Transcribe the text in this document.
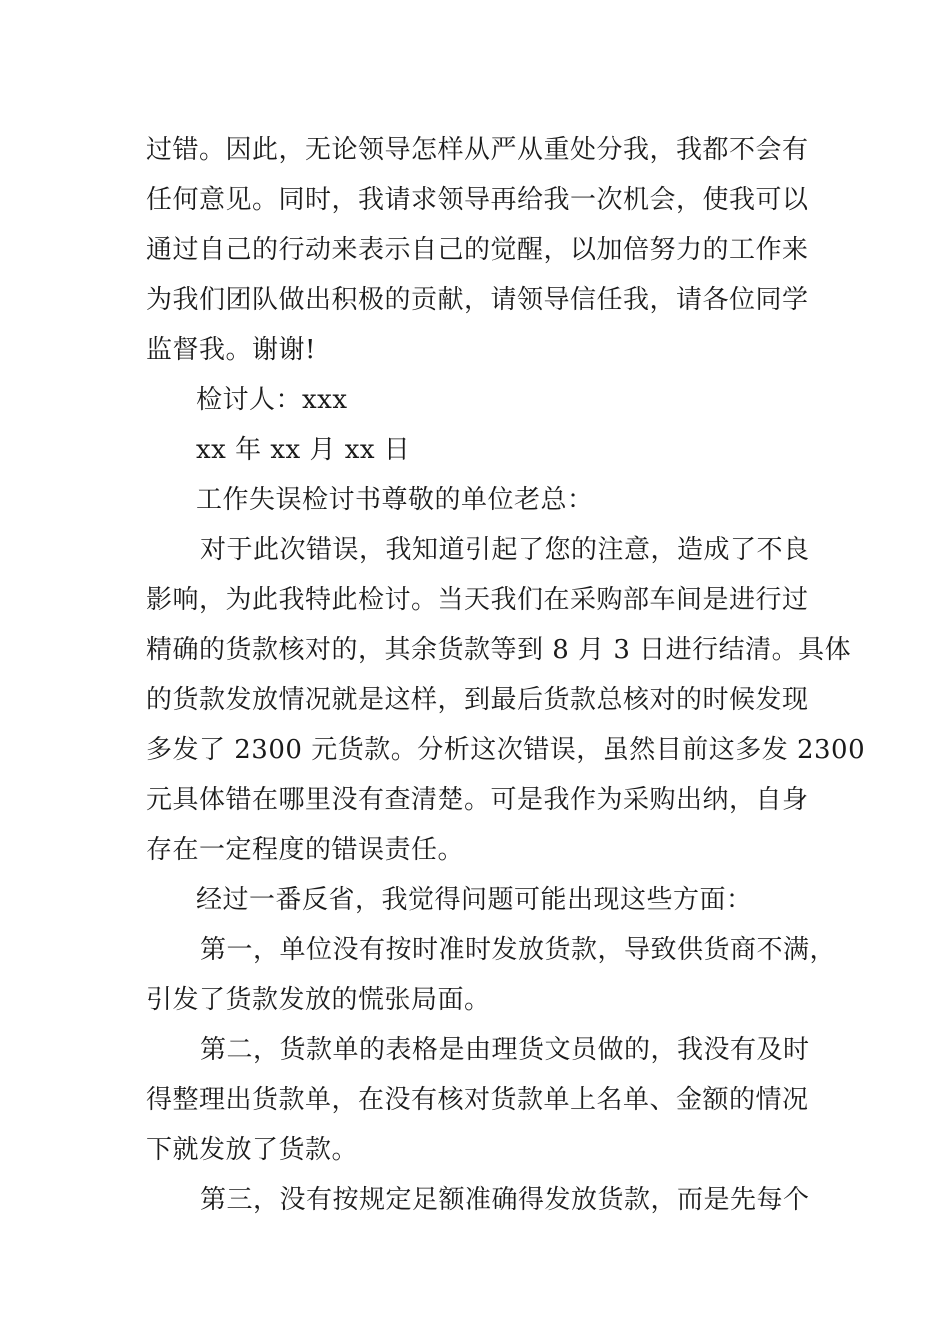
过错。因此，无论领导怎样从严从重处分我，我都不会有
任何意见。同时，我请求领导再给我一次机会，使我可以
通过自己的行动来表示自己的觉醒，以加倍努力的工作来
为我们团队做出积极的贡献，请领导信任我，请各位同学
监督我。谢谢!
检讨人：xxx
xx 年 xx 月 xx 日
工作失误检讨书尊敬的单位老总：
对于此次错误，我知道引起了您的注意，造成了不良
影响，为此我特此检讨。当天我们在采购部车间是进行过
精确的货款核对的，其余货款等到 8 月 3 日进行结清。具体
的货款发放情况就是这样，到最后货款总核对的时候发现
多发了 2300 元货款。分析这次错误，虽然目前这多发 2300
元具体错在哪里没有查清楚。可是我作为采购出纳，自身
存在一定程度的错误责任。
经过一番反省，我觉得问题可能出现这些方面：
第一，单位没有按时准时发放货款，导致供货商不满，
引发了货款发放的慌张局面。
第二，货款单的表格是由理货文员做的，我没有及时
得整理出货款单，在没有核对货款单上名单、金额的情况
下就发放了货款。
第三，没有按规定足额准确得发放货款，而是先每个
